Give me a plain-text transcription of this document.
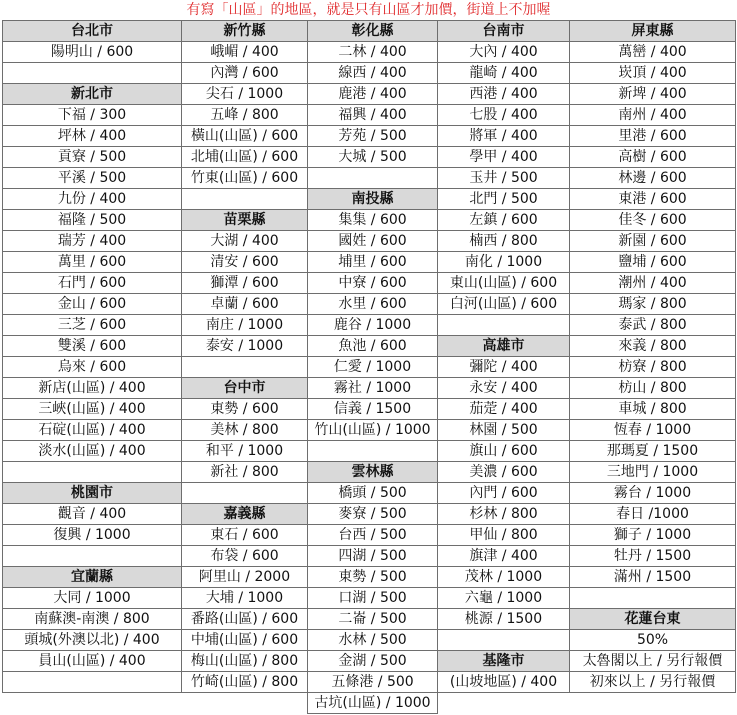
有寫「山區」的地區，就是只有山區才加價，街道上不加喔
台北市	新竹縣	彰化縣	台南市	屏東縣
陽明山 / 600	峨嵋 / 400	二林 / 400	大內 / 400	萬巒 / 400
	內灣 / 600	線西 / 400	龍崎 / 400	崁頂 / 400
新北市	尖石 / 1000	鹿港 / 400	西港 / 400	新埤 / 400
下福 / 300	五峰 / 800	福興 / 400	七股 / 400	南州 / 400
坪林 / 400	橫山(山區) / 600	芳苑 / 500	將軍 / 400	里港 / 600
貢寮 / 500	北埔(山區) / 600	大城 / 500	學甲 / 400	高樹 / 600
平溪 / 500	竹東(山區) / 600		玉井 / 500	林邊 / 600
九份 / 400		南投縣	北門 / 500	東港 / 600
福隆 / 500	苗栗縣	集集 / 600	左鎮 / 600	佳冬 / 600
瑞芳 / 400	大湖 / 400	國姓 / 600	楠西 / 800	新園 / 600
萬里 / 600	清安 / 600	埔里 / 600	南化 / 1000	鹽埔 / 600
石門 / 600	獅潭 / 600	中寮 / 600	東山(山區) / 600	潮州 / 400
金山 / 600	卓蘭 / 600	水里 / 600	白河(山區) / 600	瑪家 / 800
三芝 / 600	南庄 / 1000	鹿谷 / 1000		泰武 / 800
雙溪 / 600	泰安 / 1000	魚池 / 600	高雄市	來義 / 800
烏來 / 600		仁愛 / 1000	彌陀 / 400	枋寮 / 800
新店(山區) / 400	台中市	霧社 / 1000	永安 / 400	枋山 / 800
三峽(山區) / 400	東勢 / 600	信義 / 1500	茄萣 / 400	車城 / 800
石碇(山區) / 400	美林 / 800	竹山(山區) / 1000	林園 / 500	恆春 / 1000
淡水(山區) / 400	和平 / 1000		旗山 / 600	那瑪夏 / 1500
	新社 / 800	雲林縣	美濃 / 600	三地門 / 1000
桃園市		橋頭 / 500	內門 / 600	霧台 / 1000
觀音 / 400	嘉義縣	麥寮 / 500	杉林 / 800	春日 /1000
復興 / 1000	東石 / 600	台西 / 500	甲仙 / 800	獅子 / 1000
	布袋 / 600	四湖 / 500	旗津 / 400	牡丹 / 1500
宜蘭縣	阿里山 / 2000	東勢 / 500	茂林 / 1000	滿州 / 1500
大同 / 1000	大埔 / 1000	口湖 / 500	六龜 / 1000	
南蘇澳-南澳 / 800	番路(山區) / 600	二崙 / 500	桃源 / 1500	花蓮台東
頭城(外澳以北) / 400	中埔(山區) / 600	水林 / 500		50%
員山(山區) / 400	梅山(山區) / 800	金湖 / 500	基隆市	太魯閣以上 / 另行報價
	竹崎(山區) / 800	五條港 / 500	(山坡地區) / 400	初來以上 / 另行報價
		古坑(山區) / 1000		
